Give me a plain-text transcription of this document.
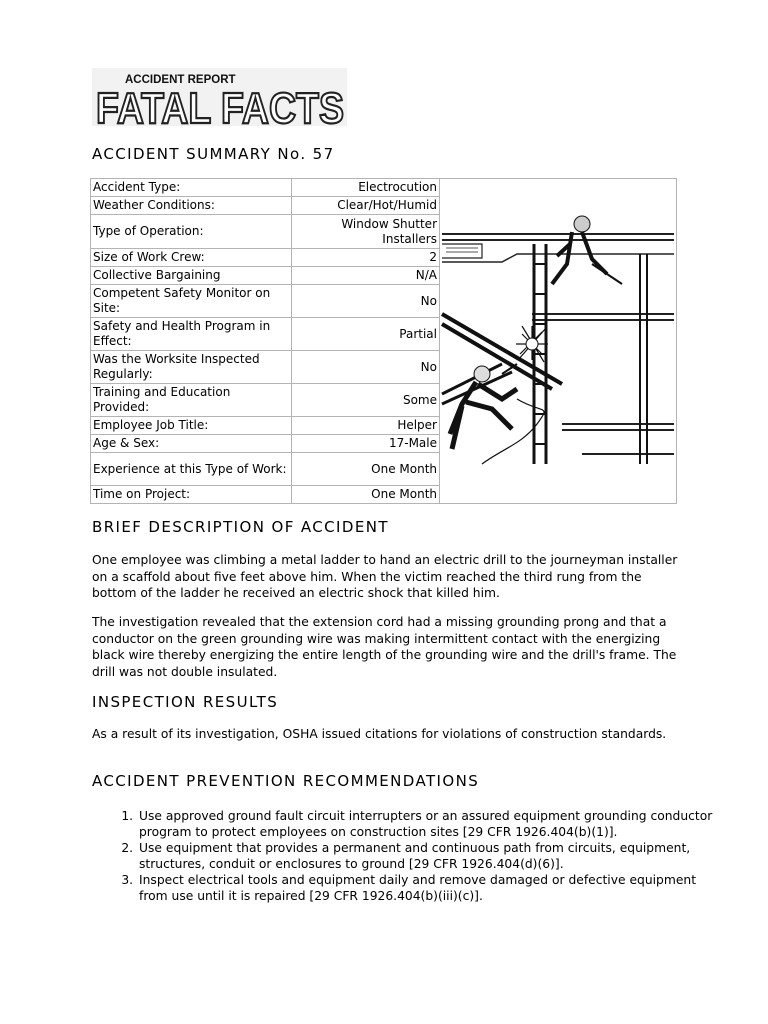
ACCIDENT REPORT
FATAL FACTS
ACCIDENT SUMMARY No. 57
Accident Type:	Electrocution	

Weather Conditions:	Clear/Hot/Humid	
Type of Operation:	Window Shutter Installers	
Size of Work Crew:	2	
Collective Bargaining	N/A	
Competent Safety Monitor on Site:	No	
Safety and Health Program in Effect:	Partial	
Was the Worksite Inspected Regularly:	No	
Training and Education Provided:	Some	
Employee Job Title:	Helper	
Age & Sex:	17-Male	
Experience at this Type of Work:	One Month	
Time on Project:	One Month	
BRIEF DESCRIPTION OF ACCIDENT

One employee was climbing a metal ladder to hand an electric drill to the journeyman installer on a scaffold about five feet above him. When the victim reached the third rung from the bottom of the ladder he received an electric shock that killed him.

The investigation revealed that the extension cord had a missing grounding prong and that a conductor on the green grounding wire was making intermittent contact with the energizing black wire thereby energizing the entire length of the grounding wire and the drill's frame. The drill was not double insulated.

INSPECTION RESULTS

As a result of its investigation, OSHA issued citations for violations of construction standards.

ACCIDENT PREVENTION RECOMMENDATIONS
1. Use approved ground fault circuit interrupters or an assured equipment grounding conductor program to protect employees on construction sites [29 CFR 1926.404(b)(1)].
2. Use equipment that provides a permanent and continuous path from circuits, equipment, structures, conduit or enclosures to ground [29 CFR 1926.404(d)(6)].
3. Inspect electrical tools and equipment daily and remove damaged or defective equipment from use until it is repaired [29 CFR 1926.404(b)(iii)(c)].
